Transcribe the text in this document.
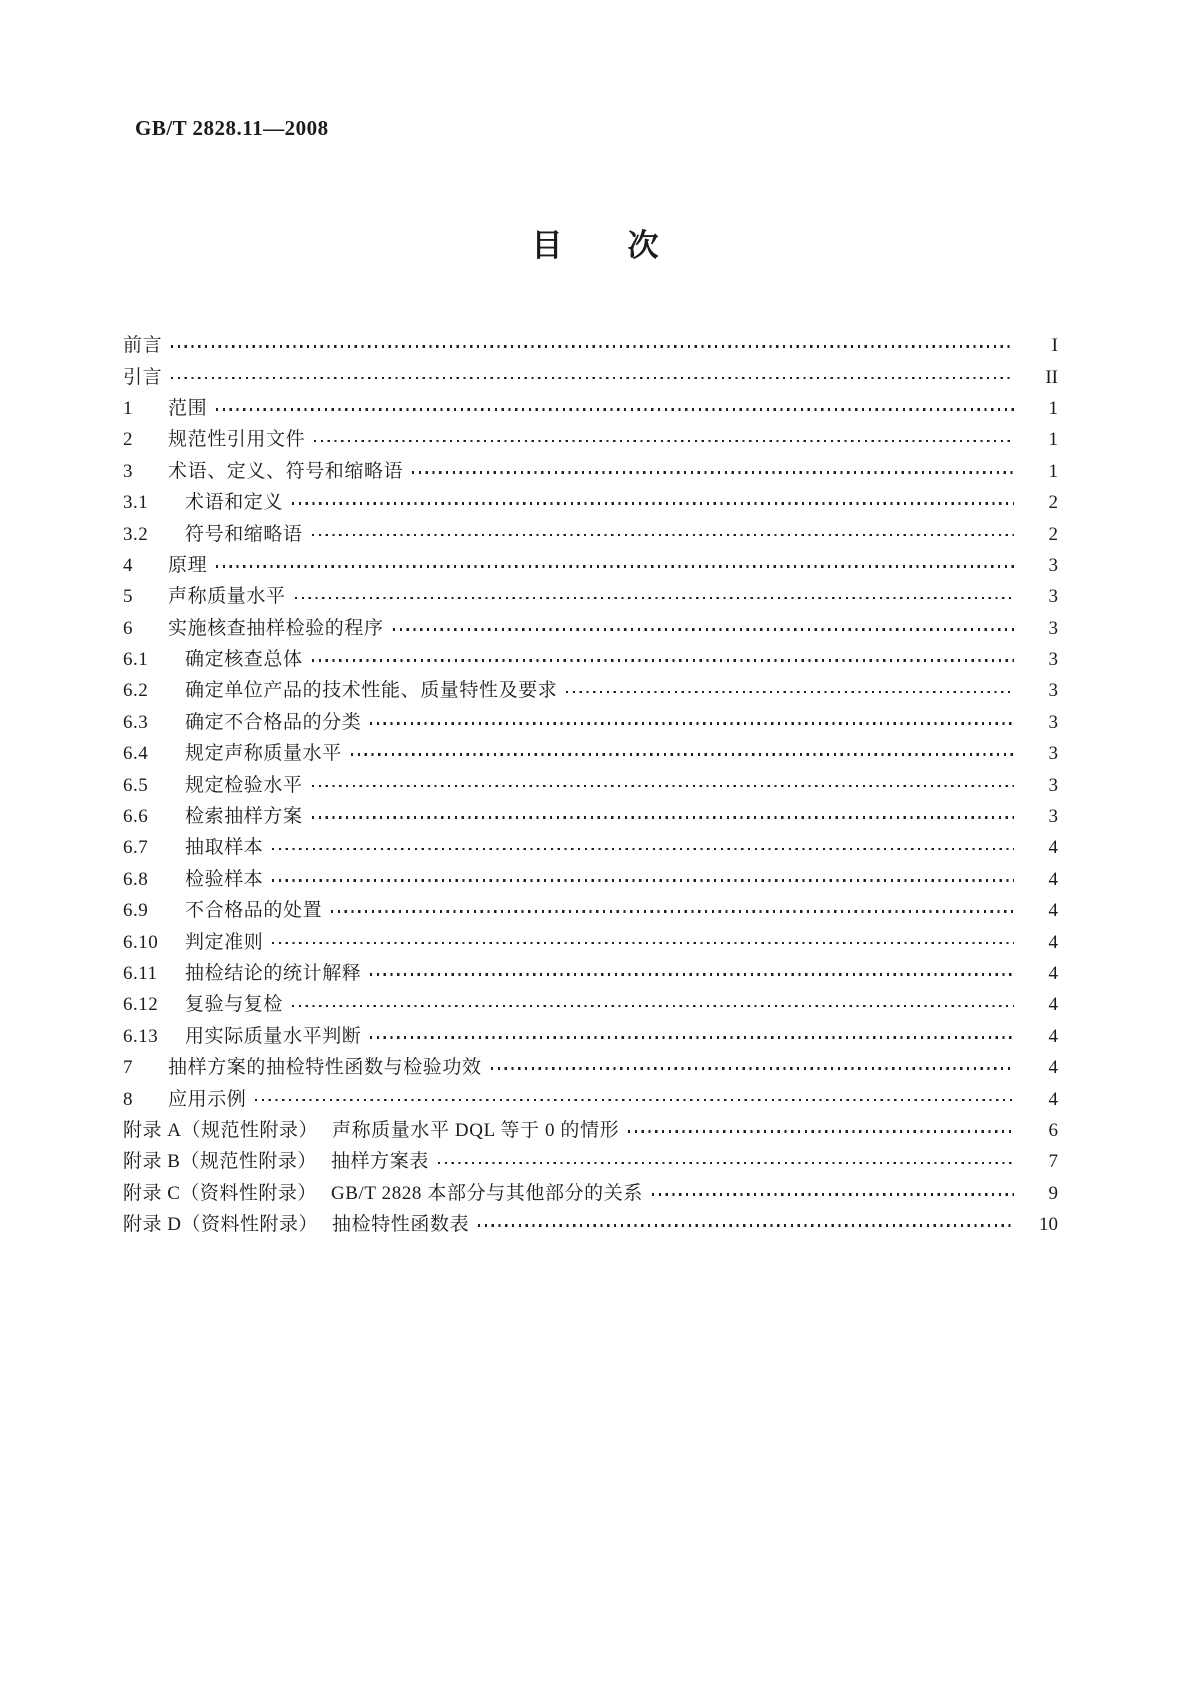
GB/T 2828.11—2008
目　　次
前言	I
引言	II
1	范围	1
2	规范性引用文件	1
3	术语、定义、符号和缩略语	1
3.1	术语和定义	2
3.2	符号和缩略语	2
4	原理	3
5	声称质量水平	3
6	实施核查抽样检验的程序	3
6.1	确定核查总体	3
6.2	确定单位产品的技术性能、质量特性及要求	3
6.3	确定不合格品的分类	3
6.4	规定声称质量水平	3
6.5	规定检验水平	3
6.6	检索抽样方案	3
6.7	抽取样本	4
6.8	检验样本	4
6.9	不合格品的处置	4
6.10	判定准则	4
6.11	抽检结论的统计解释	4
6.12	复验与复检	4
6.13	用实际质量水平判断	4
7	抽样方案的抽检特性函数与检验功效	4
8	应用示例	4
附录 A（规范性附录） 声称质量水平 DQL 等于 0 的情形	6
附录 B（规范性附录） 抽样方案表	7
附录 C（资料性附录） GB/T 2828 本部分与其他部分的关系	9
附录 D（资料性附录） 抽检特性函数表	10
